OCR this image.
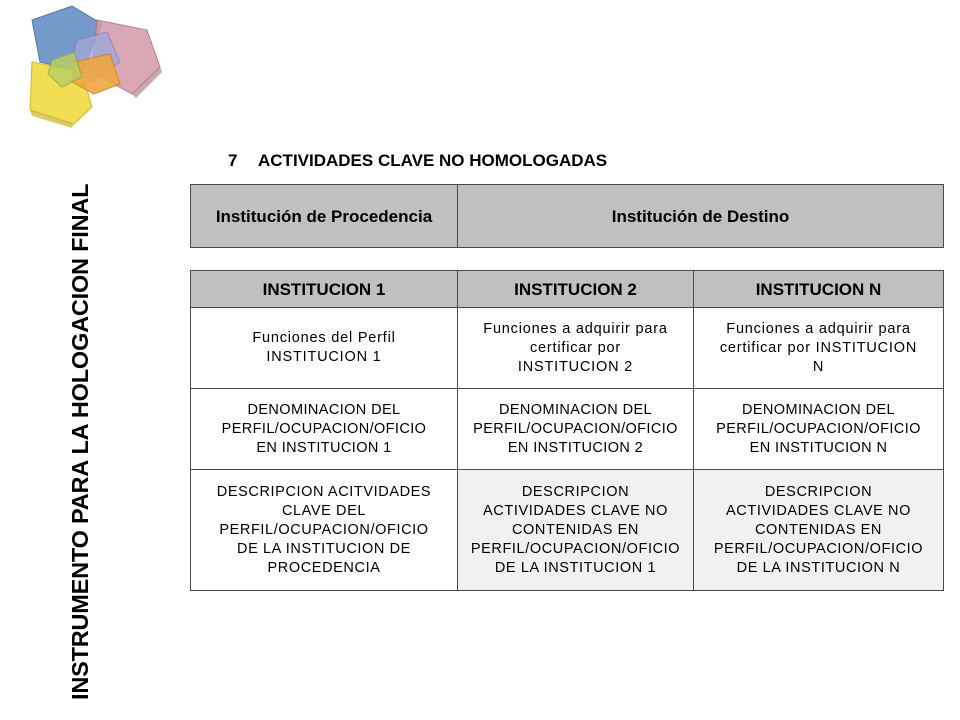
INSTRUMENTO PARA LA HOLOGACION FINAL
7 ACTIVIDADES CLAVE NO HOMOLOGADAS
Institución de Procedencia	Institución de Destino
INSTITUCION 1	INSTITUCION 2	INSTITUCION N
Funciones del Perfil
INSTITUCION 1	Funciones a adquirir para
certificar por
INSTITUCION 2	Funciones a adquirir para
certificar por INSTITUCION
N
DENOMINACION DEL
PERFIL/OCUPACION/OFICIO
EN INSTITUCION 1	DENOMINACION DEL
PERFIL/OCUPACION/OFICIO
EN INSTITUCION 2	DENOMINACION DEL
PERFIL/OCUPACION/OFICIO
EN INSTITUCION N
DESCRIPCION ACITVIDADES
CLAVE DEL
PERFIL/OCUPACION/OFICIO
DE LA INSTITUCION DE
PROCEDENCIA	DESCRIPCION
ACTIVIDADES CLAVE NO
CONTENIDAS EN
PERFIL/OCUPACION/OFICIO
DE LA INSTITUCION 1	DESCRIPCION
ACTIVIDADES CLAVE NO
CONTENIDAS EN
PERFIL/OCUPACION/OFICIO
DE LA INSTITUCION N
